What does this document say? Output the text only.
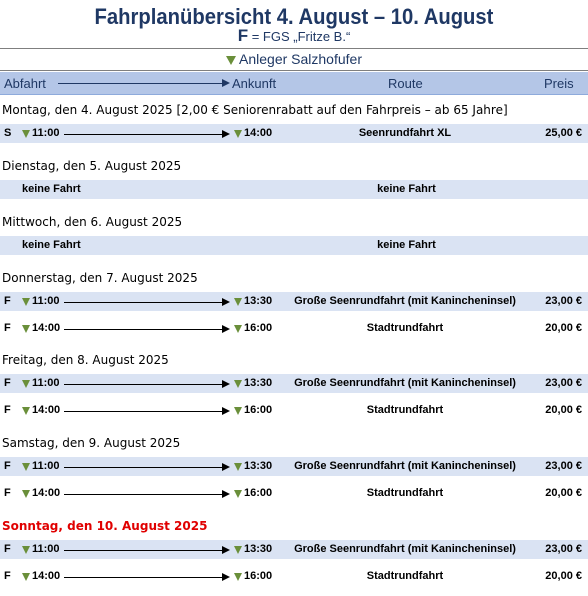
Fahrplanübersicht 4. August – 10. August
F = FGS „Fritze B.“
Anleger Salzhofufer
Abfahrt	Ankunft	Route	Preis
Montag, den 4. August 2025 [2,00 € Seniorenrabatt auf den Fahrpreis – ab 65 Jahre]
S 11:00	14:00	Seenrundfahrt XL	25,00 €
Dienstag, den 5. August 2025
keine Fahrt	keine Fahrt
Mittwoch, den 6. August 2025
keine Fahrt	keine Fahrt
Donnerstag, den 7. August 2025
F 11:00	13:30	Große Seenrundfahrt (mit Kanincheninsel)	23,00 €
F 14:00	16:00	Stadtrundfahrt	20,00 €
Freitag, den 8. August 2025
F 11:00	13:30	Große Seenrundfahrt (mit Kanincheninsel)	23,00 €
F 14:00	16:00	Stadtrundfahrt	20,00 €
Samstag, den 9. August 2025
F 11:00	13:30	Große Seenrundfahrt (mit Kanincheninsel)	23,00 €
F 14:00	16:00	Stadtrundfahrt	20,00 €
Sonntag, den 10. August 2025
F 11:00	13:30	Große Seenrundfahrt (mit Kanincheninsel)	23,00 €
F 14:00	16:00	Stadtrundfahrt	20,00 €
